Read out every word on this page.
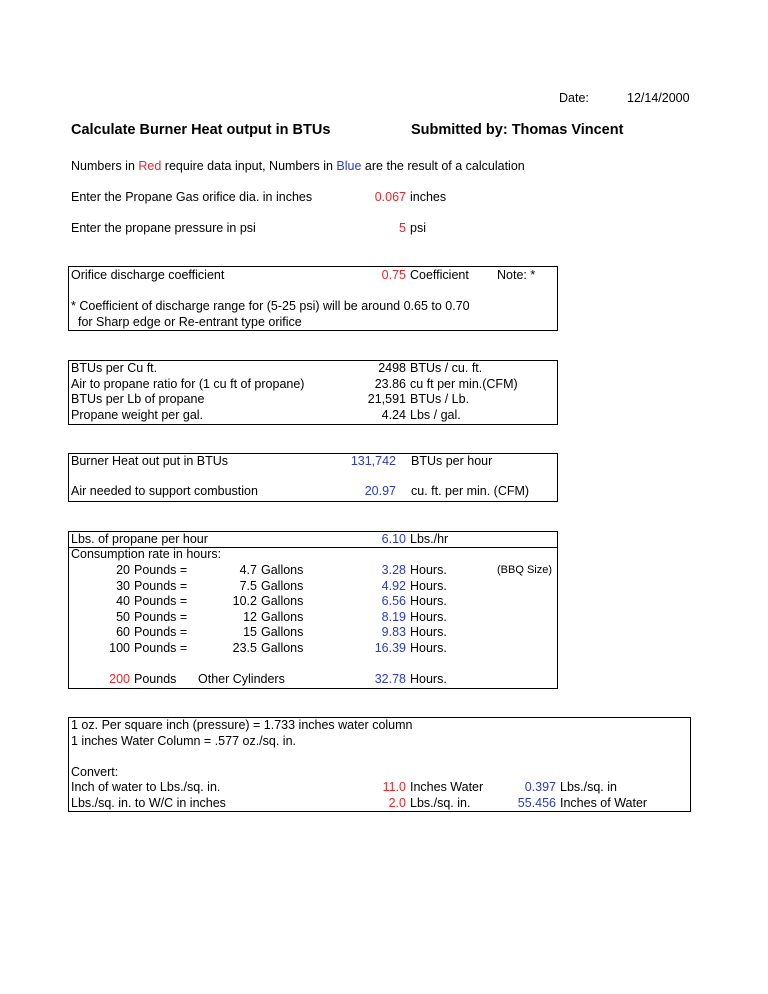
Date:	12/14/2000
Calculate Burner Heat output in BTUs	Submitted by: Thomas Vincent
Numbers in Red require data input, Numbers in Blue are the result of a calculation
Enter the Propane Gas orifice dia. in inches	0.067 inches
Enter the propane pressure in psi	5 psi
Orifice discharge coefficient	0.75 Coefficient Note: *
* Coefficient of discharge range for (5-25 psi) will be around 0.65 to 0.70
for Sharp edge or Re-entrant type orifice
BTUs per Cu ft.	2498 BTUs / cu. ft.
Air to propane ratio for (1 cu ft of propane)	23.86 cu ft per min.(CFM)
BTUs per Lb of propane	21,591 BTUs / Lb.
Propane weight per gal.	4.24 Lbs / gal.
Burner Heat out put in BTUs	131,742 BTUs per hour
Air needed to support combustion	20.97 cu. ft. per min. (CFM)
Lbs. of propane per hour	6.10 Lbs./hr
Consumption rate in hours:
20 Pounds =	4.7 Gallons	3.28 Hours.	(BBQ Size)
30 Pounds =	7.5 Gallons	4.92 Hours.
40 Pounds =	10.2 Gallons	6.56 Hours.
50 Pounds =	12 Gallons	8.19 Hours.
60 Pounds =	15 Gallons	9.83 Hours.
100 Pounds =	23.5 Gallons	16.39 Hours.
200 Pounds Other Cylinders	32.78 Hours.
1 oz. Per square inch (pressure) = 1.733 inches water column
1 inches Water Column = .577 oz./sq. in.
Convert:
Inch of water to Lbs./sq. in.	11.0 Inches Water	0.397 Lbs./sq. in
Lbs./sq. in. to W/C in inches	2.0 Lbs./sq. in.	55.456 Inches of Water
